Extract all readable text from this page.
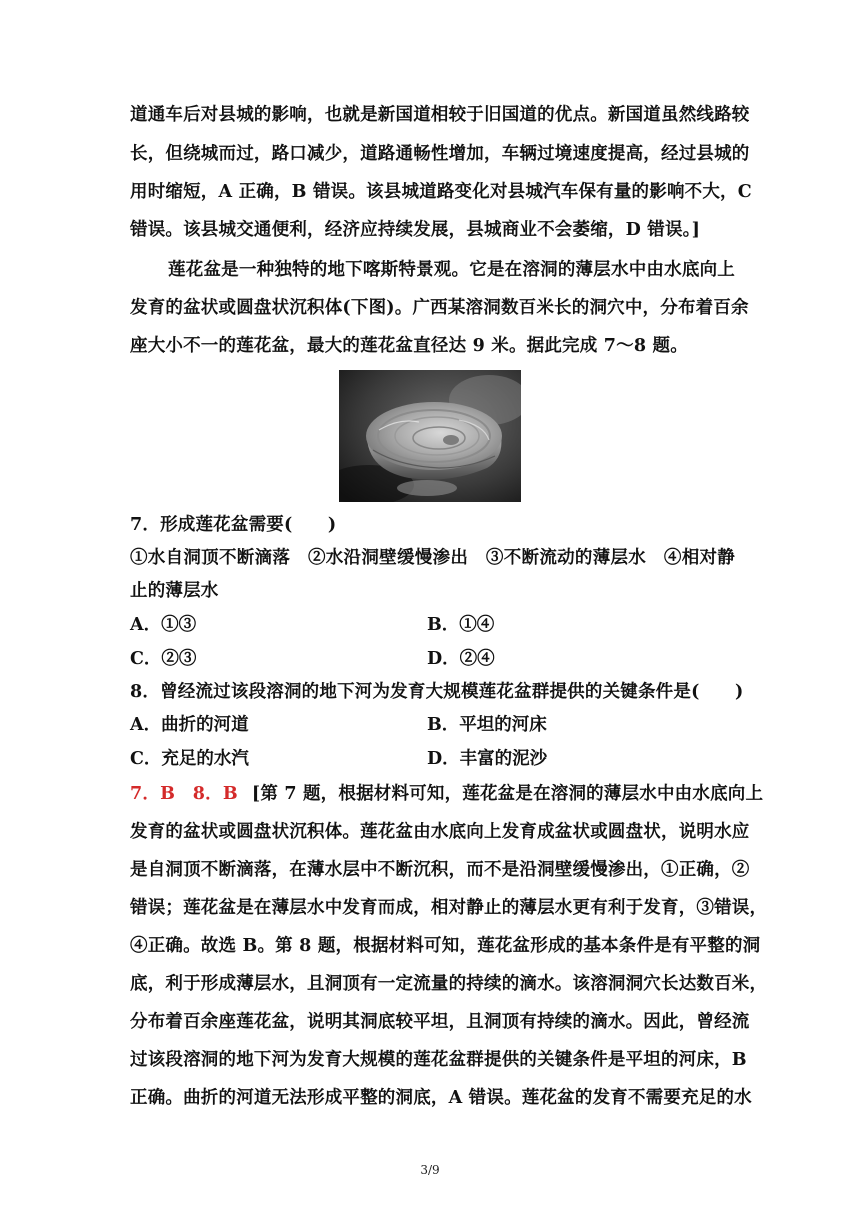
道通车后对县城的影响，也就是新国道相较于旧国道的优点。新国道虽然线路较
长，但绕城而过，路口减少，道路通畅性增加，车辆过境速度提高，经过县城的
用时缩短，A 正确，B 错误。该县城道路变化对县城汽车保有量的影响不大，C
错误。该县城交通便利，经济应持续发展，县城商业不会萎缩，D 错误。]
莲花盆是一种独特的地下喀斯特景观。它是在溶洞的薄层水中由水底向上
发育的盆状或圆盘状沉积体(下图)。广西某溶洞数百米长的洞穴中，分布着百余
座大小不一的莲花盆，最大的莲花盆直径达 9 米。据此完成 7～8 题。
7．形成莲花盆需要(　　)
①水自洞顶不断滴落　②水沿洞壁缓慢渗出　③不断流动的薄层水　④相对静
止的薄层水
A．①③	B．①④
C．②③	D．②④
8．曾经流过该段溶洞的地下河为发育大规模莲花盆群提供的关键条件是(　　)
A．曲折的河道	B．平坦的河床
C．充足的水汽	D．丰富的泥沙
7．B　8．B [第 7 题，根据材料可知，莲花盆是在溶洞的薄层水中由水底向上
发育的盆状或圆盘状沉积体。莲花盆由水底向上发育成盆状或圆盘状，说明水应
是自洞顶不断滴落，在薄水层中不断沉积，而不是沿洞壁缓慢渗出，①正确，②
错误；莲花盆是在薄层水中发育而成，相对静止的薄层水更有利于发育，③错误，
④正确。故选 B。第 8 题，根据材料可知，莲花盆形成的基本条件是有平整的洞
底，利于形成薄层水，且洞顶有一定流量的持续的滴水。该溶洞洞穴长达数百米，
分布着百余座莲花盆，说明其洞底较平坦，且洞顶有持续的滴水。因此，曾经流
过该段溶洞的地下河为发育大规模的莲花盆群提供的关键条件是平坦的河床，B
正确。曲折的河道无法形成平整的洞底，A 错误。莲花盆的发育不需要充足的水
3/9
